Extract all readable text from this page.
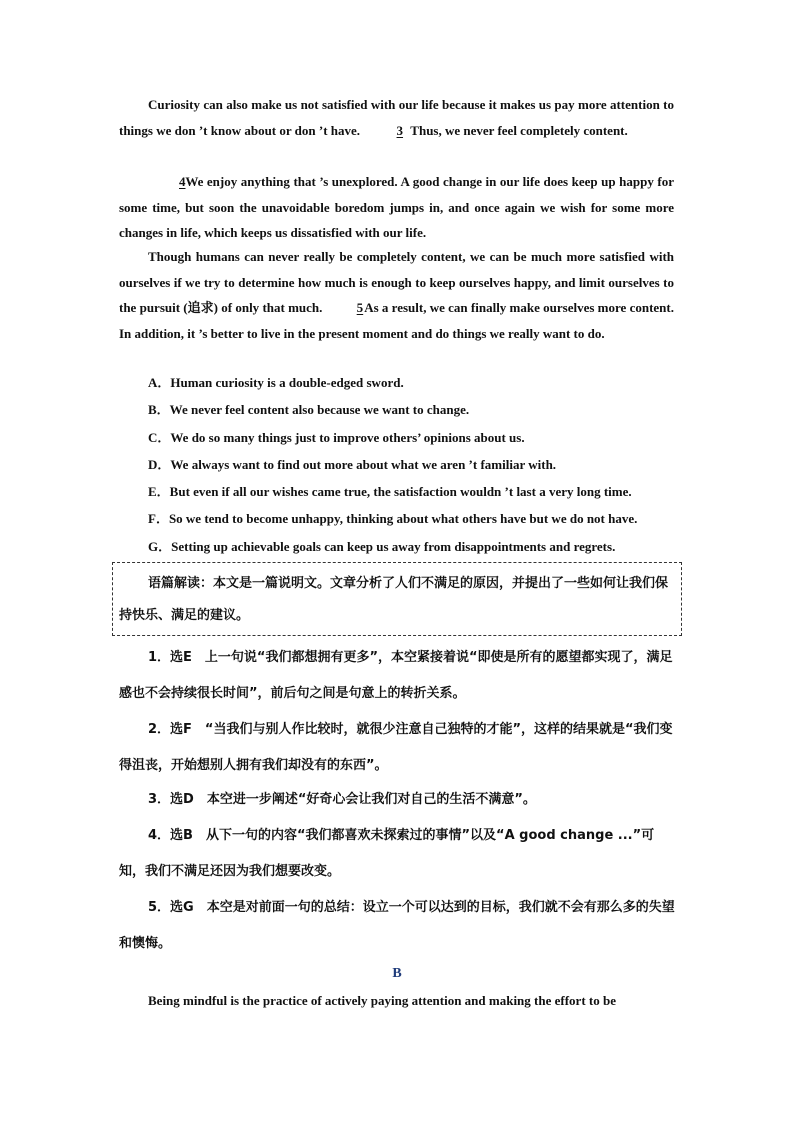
Curiosity can also make us not satisfied with our life because it makes us pay more attention to things we don ’t know about or don ’t have.	3 Thus, we never feel completely content.

4 We enjoy anything that ’s unexplored. A good change in our life does keep up happy for some time, but soon the unavoidable boredom jumps in, and once again we wish for some more changes in life, which keeps us dissatisfied with our life.

Though humans can never really be completely content, we can be much more satisfied with ourselves if we try to determine how much is enough to keep ourselves happy, and limit ourselves to the pursuit (追求) of only that much.	5 As a result, we can finally make ourselves more content. In addition, it ’s better to live in the present moment and do things we really want to do.

A．Human curiosity is a double-edged sword.

B．We never feel content also because we want to change.

C．We do so many things just to improve others’ opinions about us.

D．We always want to find out more about what we aren ’t familiar with.

E．But even if all our wishes came true, the satisfaction wouldn ’t last a very long time.

F．So we tend to become unhappy, thinking about what others have but we do not have.

G．Setting up achievable goals can keep us away from disappointments and regrets.

语篇解读：本文是一篇说明文。文章分析了人们不满足的原因，并提出了一些如何让我们保持快乐、满足的建议。

1．选E　上一句说“我们都想拥有更多”，本空紧接着说“即使是所有的愿望都实现了，满足感也不会持续很长时间”，前后句之间是句意上的转折关系。

2．选F　“当我们与别人作比较时，就很少注意自己独特的才能”，这样的结果就是“我们变得沮丧，开始想别人拥有我们却没有的东西”。

3．选D　本空进一步阐述“好奇心会让我们对自己的生活不满意”。

4．选B　从下一句的内容“我们都喜欢未探索过的事情”以及“A good change ...”可知，我们不满足还因为我们想要改变。

5．选G　本空是对前面一句的总结：设立一个可以达到的目标，我们就不会有那么多的失望和懊悔。

B

Being mindful is the practice of actively paying attention and making the effort to be
